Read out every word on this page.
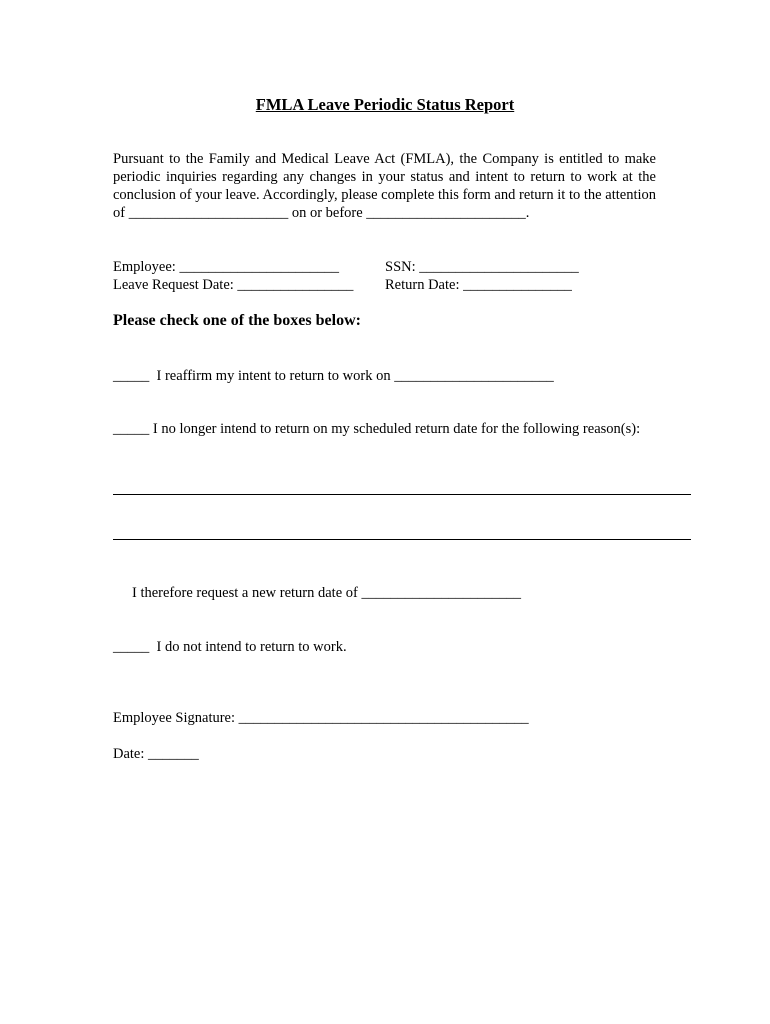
FMLA Leave Periodic Status Report
Pursuant to the Family and Medical Leave Act (FMLA), the Company is entitled to make periodic inquiries regarding any changes in your status and intent to return to work at the conclusion of your leave. Accordingly, please complete this form and return it to the attention of ______________________ on or before ______________________.
Employee: ______________________	SSN: ______________________
Leave Request Date: ________________ Return Date: _______________
Please check one of the boxes below:
_____  I reaffirm my intent to return to work on ______________________
_____ I no longer intend to return on my scheduled return date for the following reason(s):
I therefore request a new return date of ______________________
_____  I do not intend to return to work.
Employee Signature: ________________________________________
Date: _______
